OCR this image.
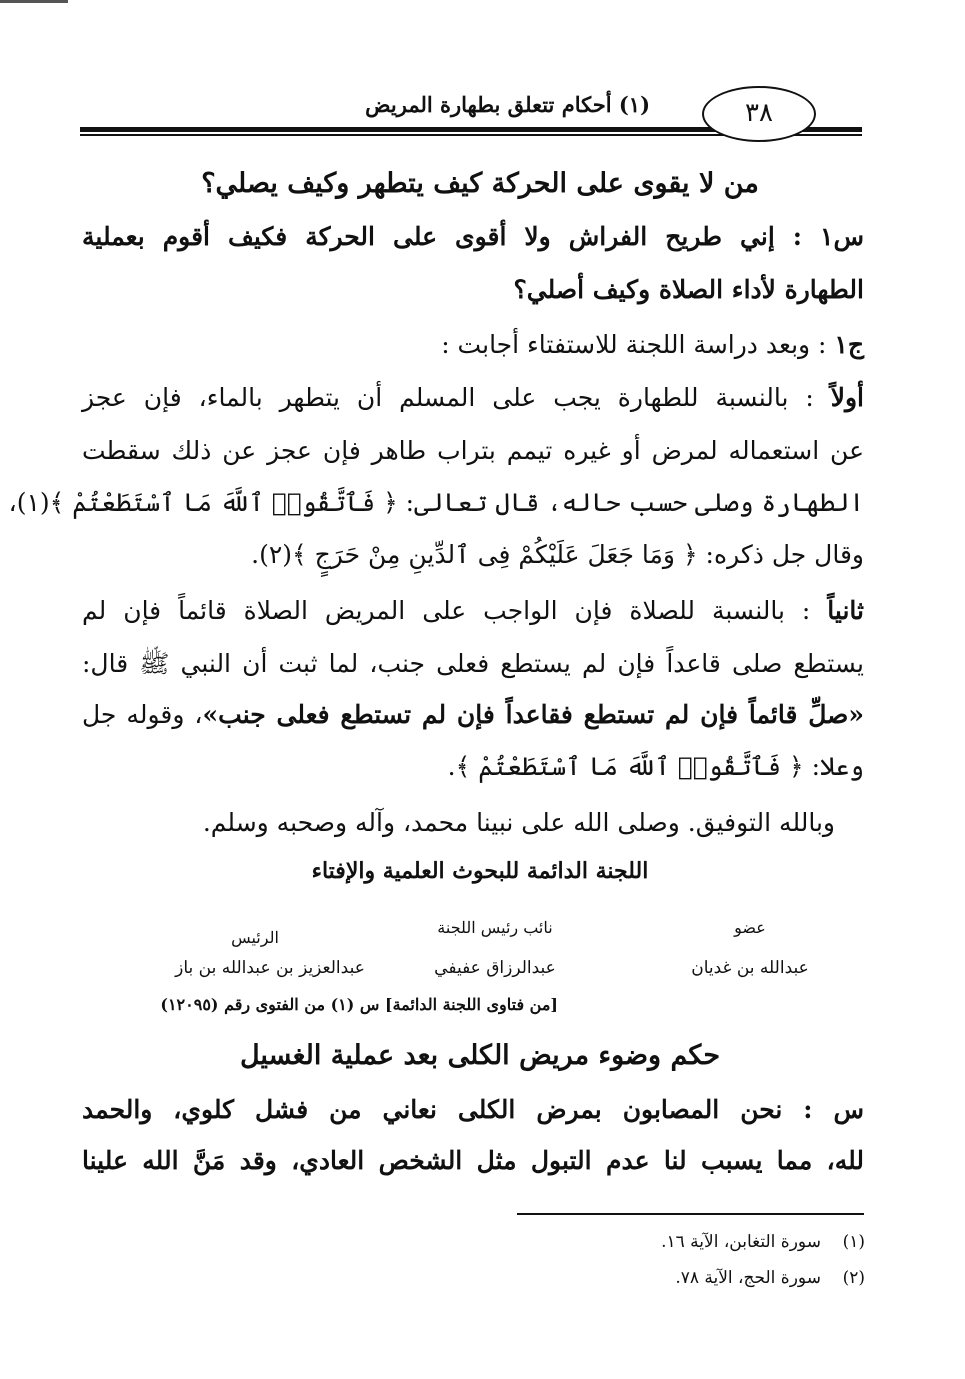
٣٨
(١) أحكام تتعلق بطهارة المريض
من لا يقوى على الحركة كيف يتطهر وكيف يصلي؟
س١ : إني طريح الفراش ولا أقوى على الحركة فكيف أقوم بعملية
الطهارة لأداء الصلاة وكيف أصلي؟
ج١ : وبعد دراسة اللجنة للاستفتاء أجابت :
أولاً : بالنسبة للطهارة يجب على المسلم أن يتطهر بالماء، فإن عجز
عن استعماله لمرض أو غيره تيمم بتراب طاهر فإن عجز عن ذلك سقطت
الطهارة وصلى حسب حاله، قال تعالى: ﴿ فَٱتَّقُوا۟ ٱللَّهَ مَا ٱسْتَطَعْتُمْ ﴾(١)،
وقال جل ذكره: ﴿ وَمَا جَعَلَ عَلَيْكُمْ فِى ٱلدِّينِ مِنْ حَرَجٍ ﴾(٢).
ثانياً : بالنسبة للصلاة فإن الواجب على المريض الصلاة قائماً فإن لم
يستطع صلى قاعداً فإن لم يستطع فعلى جنب، لما ثبت أن النبي ﷺ قال:
«صلِّ قائماً فإن لم تستطع فقاعداً فإن لم تستطع فعلى جنب»، وقوله جل
وعلا: ﴿ فَٱتَّقُوا۟ ٱللَّهَ مَا ٱسْتَطَعْتُمْ ﴾.
وبالله التوفيق. وصلى الله على نبينا محمد، وآله وصحبه وسلم.
اللجنة الدائمة للبحوث العلمية والإفتاء
الرئيس
عبدالعزيز بن عبدالله بن باز
نائب رئيس اللجنة
عبدالرزاق عفيفي
عضو
عبدالله بن غديان
[من فتاوى اللجنة الدائمة] س (١) من الفتوى رقم (١٢٠٩٥)
حكم وضوء مريض الكلى بعد عملية الغسيل
س : نحن المصابون بمرض الكلى نعاني من فشل كلوي، والحمد
لله، مما يسبب لنا عدم التبول مثل الشخص العادي، وقد مَنَّ الله علينا
(١)    سورة التغابن، الآية ١٦.
(٢)    سورة الحج، الآية ٧٨.
